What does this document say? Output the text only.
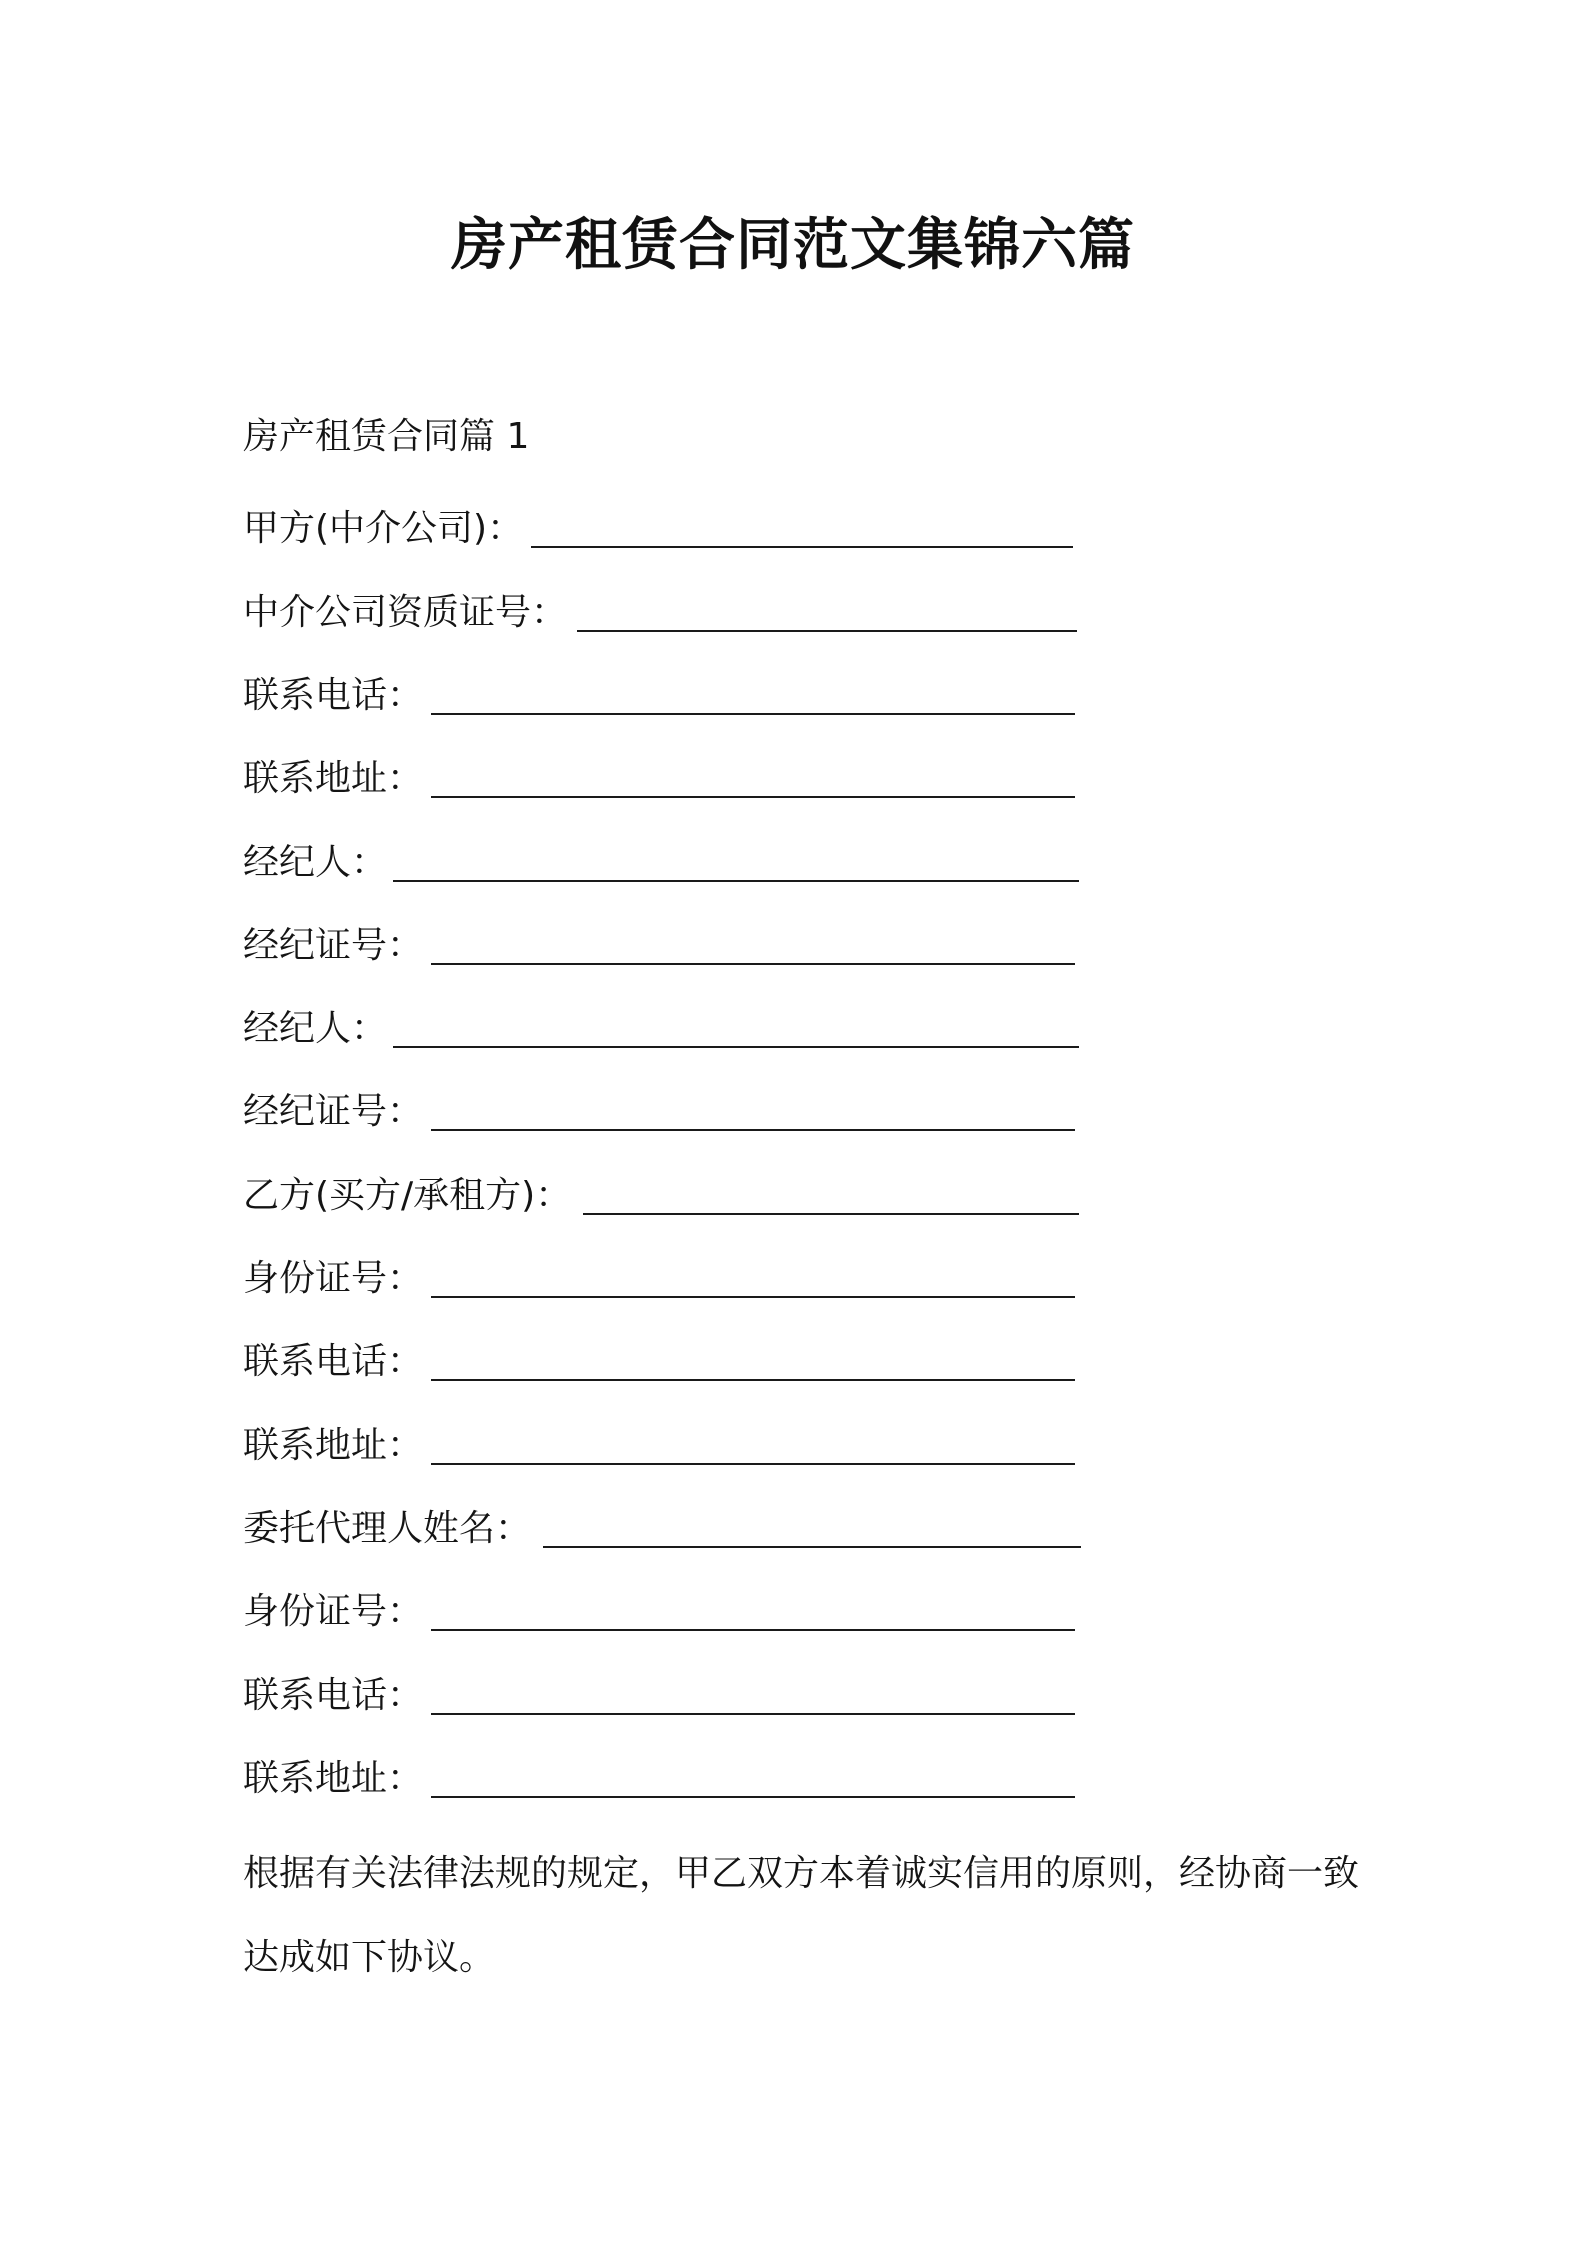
房产租赁合同范文集锦六篇
房产租赁合同篇 1
甲方(中介公司)：
中介公司资质证号：
联系电话：
联系地址：
经纪人：
经纪证号：
经纪人：
经纪证号：
乙方(买方/承租方)：
身份证号：
联系电话：
联系地址：
委托代理人姓名：
身份证号：
联系电话：
联系地址：
根据有关法律法规的规定，甲乙双方本着诚实信用的原则，经协商一致达成如下协议。
